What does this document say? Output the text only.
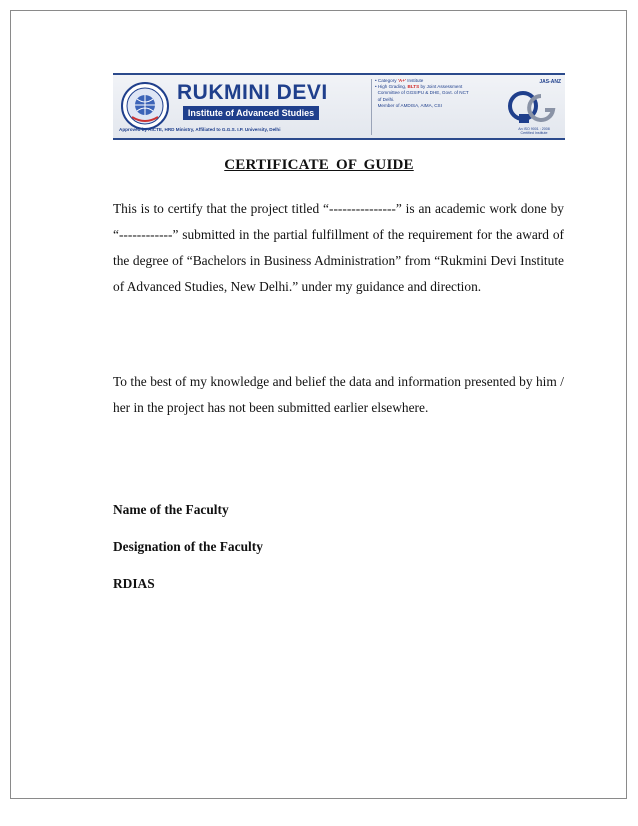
RUKMINI DEVI
Institute of Advanced Studies
Approved by AICTE, HRD Ministry, Affiliated to G.G.S. I.P. University, Delhi
• Category 'A+' Institute
• High Grading, BLTS by Joint Assessment
Committee of GGSIPU & DHE, Govt. of NCT
of Delhi.
Member of AMDISA, AIMA, CSI
JAS-ANZ
An ISO 9001 : 2008
Certified Institute
CERTIFICATE OF GUIDE

This is to certify that the project titled “---------------” is an academic work done by “------------” submitted in the partial fulfillment of the requirement for the award of the degree of “Bachelors in Business Administration” from “Rukmini Devi Institute of Advanced Studies, New Delhi.” under my guidance and direction.

To the best of my knowledge and belief the data and information presented by him / her in the project has not been submitted earlier elsewhere.

Name of the Faculty
Designation of the Faculty
RDIAS
